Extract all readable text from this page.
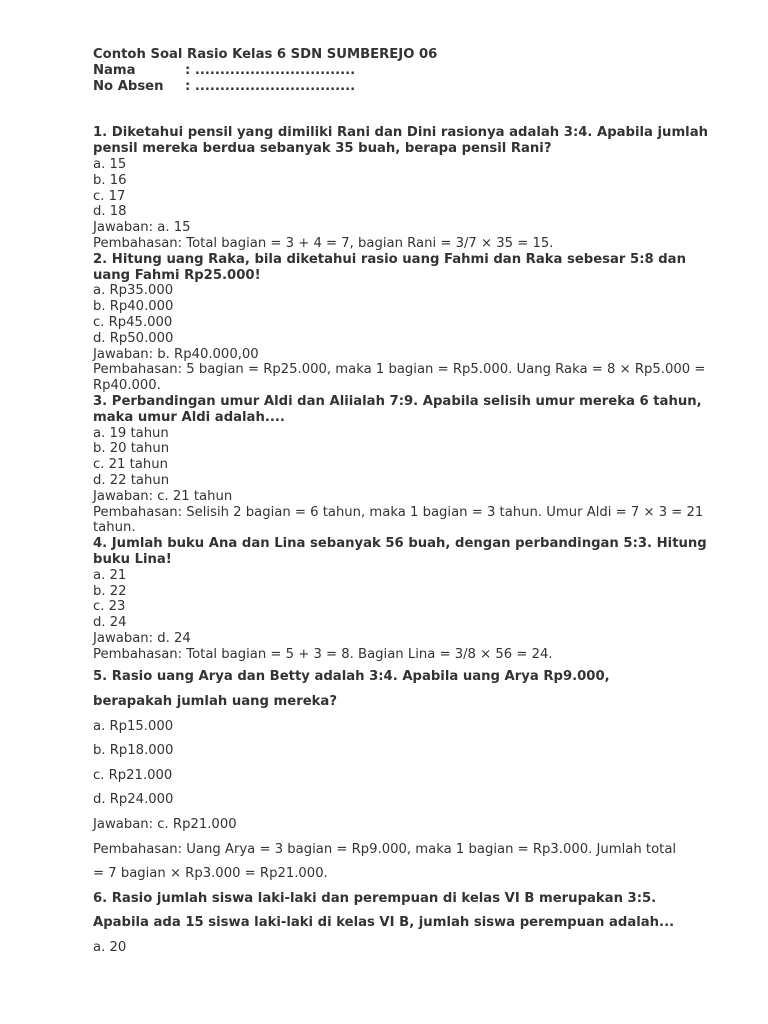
Contoh Soal Rasio Kelas 6 SDN SUMBEREJO 06
Nama	: ................................
No Absen	: ................................
1. Diketahui pensil yang dimiliki Rani dan Dini rasionya adalah 3:4. Apabila jumlah pensil mereka berdua sebanyak 35 buah, berapa pensil Rani?
a. 15
b. 16
c. 17
d. 18
Jawaban: a. 15
Pembahasan: Total bagian = 3 + 4 = 7, bagian Rani = 3/7 × 35 = 15.
2. Hitung uang Raka, bila diketahui rasio uang Fahmi dan Raka sebesar 5:8 dan uang Fahmi Rp25.000!
a. Rp35.000
b. Rp40.000
c. Rp45.000
d. Rp50.000
Jawaban: b. Rp40.000,00
Pembahasan: 5 bagian = Rp25.000, maka 1 bagian = Rp5.000. Uang Raka = 8 × Rp5.000 = Rp40.000.
3. Perbandingan umur Aldi dan Aliialah 7:9. Apabila selisih umur mereka 6 tahun, maka umur Aldi adalah....
a. 19 tahun
b. 20 tahun
c. 21 tahun
d. 22 tahun
Jawaban: c. 21 tahun
Pembahasan: Selisih 2 bagian = 6 tahun, maka 1 bagian = 3 tahun. Umur Aldi = 7 × 3 = 21 tahun.
4. Jumlah buku Ana dan Lina sebanyak 56 buah, dengan perbandingan 5:3. Hitung buku Lina!
a. 21
b. 22
c. 23
d. 24
Jawaban: d. 24
Pembahasan: Total bagian = 5 + 3 = 8. Bagian Lina = 3/8 × 56 = 24.
5. Rasio uang Arya dan Betty adalah 3:4. Apabila uang Arya Rp9.000,
berapakah jumlah uang mereka?
a. Rp15.000
b. Rp18.000
c. Rp21.000
d. Rp24.000
Jawaban: c. Rp21.000
Pembahasan: Uang Arya = 3 bagian = Rp9.000, maka 1 bagian = Rp3.000. Jumlah total
= 7 bagian × Rp3.000 = Rp21.000.
6. Rasio jumlah siswa laki-laki dan perempuan di kelas VI B merupakan 3:5.
Apabila ada 15 siswa laki-laki di kelas VI B, jumlah siswa perempuan adalah...
a. 20
